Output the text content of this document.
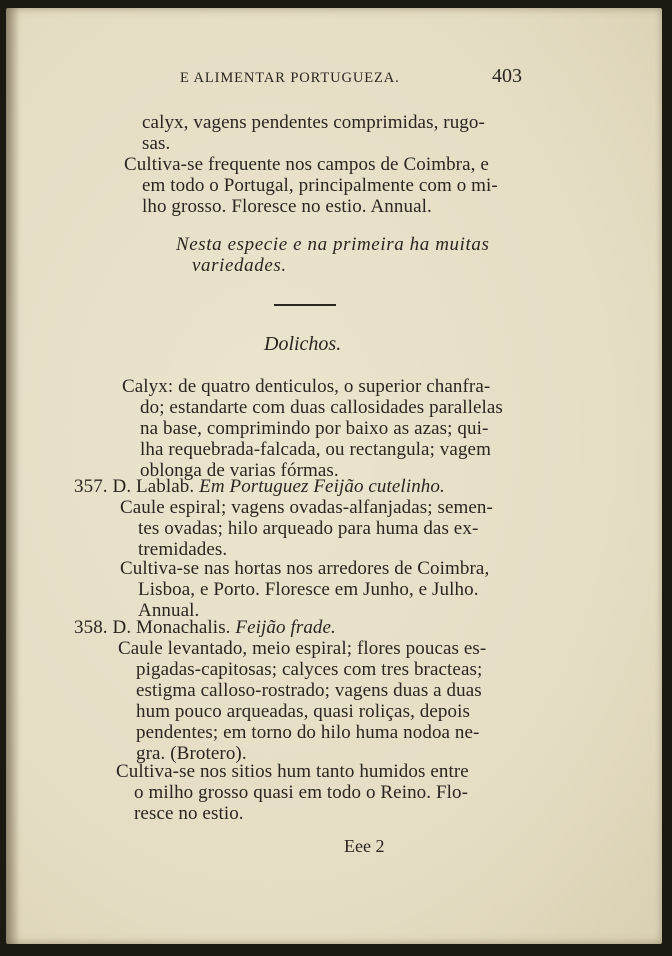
E ALIMENTAR PORTUGUEZA.	403
calyx, vagens pendentes comprimidas, rugo-
sas.
Cultiva-se frequente nos campos de Coimbra, e
em todo o Portugal, principalmente com o mi-
lho grosso. Floresce no estio. Annual.
Nesta especie e na primeira ha muitas
variedades.
Dolichos.
Calyx: de quatro denticulos, o superior chanfra-
do; estandarte com duas callosidades parallelas
na base, comprimindo por baixo as azas; qui-
lha requebrada-falcada, ou rectangula; vagem
oblonga de varias fórmas.
357. D. Lablab. Em Portuguez Feijão cutelinho.
Caule espiral; vagens ovadas-alfanjadas; semen-
tes ovadas; hilo arqueado para huma das ex-
tremidades.
Cultiva-se nas hortas nos arredores de Coimbra,
Lisboa, e Porto. Floresce em Junho, e Julho.
Annual.
358. D. Monachalis. Feijão frade.
Caule levantado, meio espiral; flores poucas es-
pigadas-capitosas; calyces com tres bracteas;
estigma calloso-rostrado; vagens duas a duas
hum pouco arqueadas, quasi roliças, depois
pendentes; em torno do hilo huma nodoa ne-
gra. (Brotero).
Cultiva-se nos sitios hum tanto humidos entre
o milho grosso quasi em todo o Reino. Flo-
resce no estio.
Eee 2
